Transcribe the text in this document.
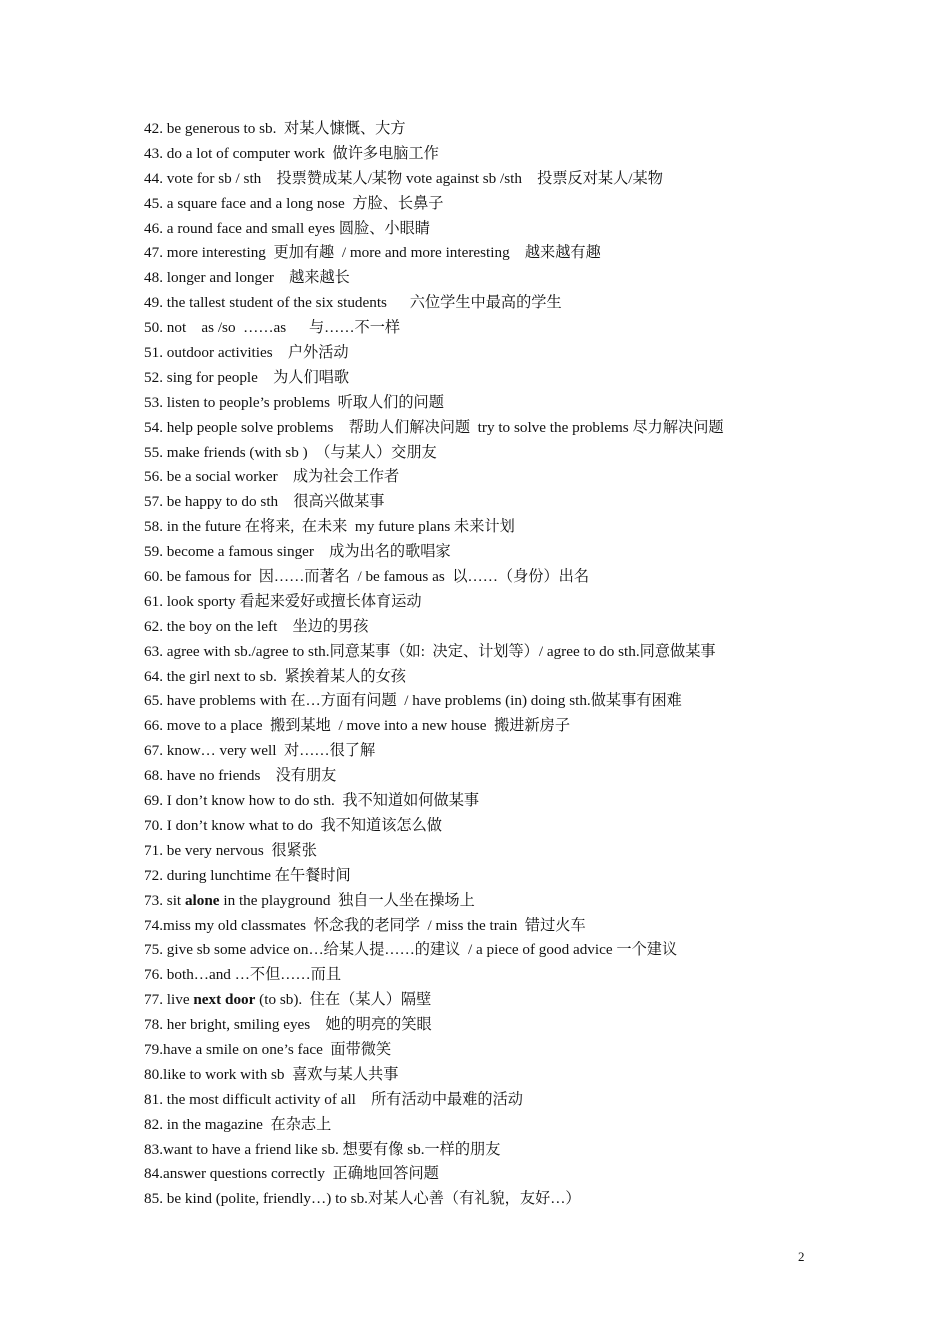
42. be generous to sb.  对某人慷慨、大方
43. do a lot of computer work  做许多电脑工作
44. vote for sb / sth    投票赞成某人/某物 vote against sb /sth    投票反对某人/某物
45. a square face and a long nose  方脸、长鼻子
46. a round face and small eyes 圆脸、小眼睛
47. more interesting  更加有趣  / more and more interesting    越来越有趣
48. longer and longer    越来越长
49. the tallest student of the six students      六位学生中最高的学生
50. not    as /so  ……as      与……不一样
51. outdoor activities    户外活动
52. sing for people    为人们唱歌
53. listen to people’s problems  听取人们的问题
54. help people solve problems    帮助人们解决问题  try to solve the problems 尽力解决问题
55. make friends (with sb )  （与某人）交朋友
56. be a social worker    成为社会工作者
57. be happy to do sth    很高兴做某事
58. in the future 在将来,  在未来  my future plans 未来计划
59. become a famous singer    成为出名的歌唱家
60. be famous for  因……而著名  / be famous as  以……（身份）出名
61. look sporty 看起来爱好或擅长体育运动
62. the boy on the left    坐边的男孩
63. agree with sb./agree to sth.同意某事（如:  决定、计划等）/ agree to do sth.同意做某事
64. the girl next to sb.  紧挨着某人的女孩
65. have problems with 在…方面有问题  / have problems (in) doing sth.做某事有困难
66. move to a place  搬到某地  / move into a new house  搬进新房子
67. know… very well  对……很了解
68. have no friends    没有朋友
69. I don’t know how to do sth.  我不知道如何做某事
70. I don’t know what to do  我不知道该怎么做
71. be very nervous  很紧张
72. during lunchtime 在午餐时间
73. sit alone in the playground  独自一人坐在操场上
74.miss my old classmates  怀念我的老同学  / miss the train  错过火车
75. give sb some advice on…给某人提……的建议  / a piece of good advice 一个建议
76. both…and …不但……而且
77. live next door (to sb).  住在（某人）隔壁
78. her bright, smiling eyes    她的明亮的笑眼
79.have a smile on one’s face  面带微笑
80.like to work with sb  喜欢与某人共事
81. the most difficult activity of all    所有活动中最难的活动
82. in the magazine  在杂志上
83.want to have a friend like sb. 想要有像 sb.一样的朋友
84.answer questions correctly  正确地回答问题
85. be kind (polite, friendly…) to sb.对某人心善（有礼貌，友好…）
2
